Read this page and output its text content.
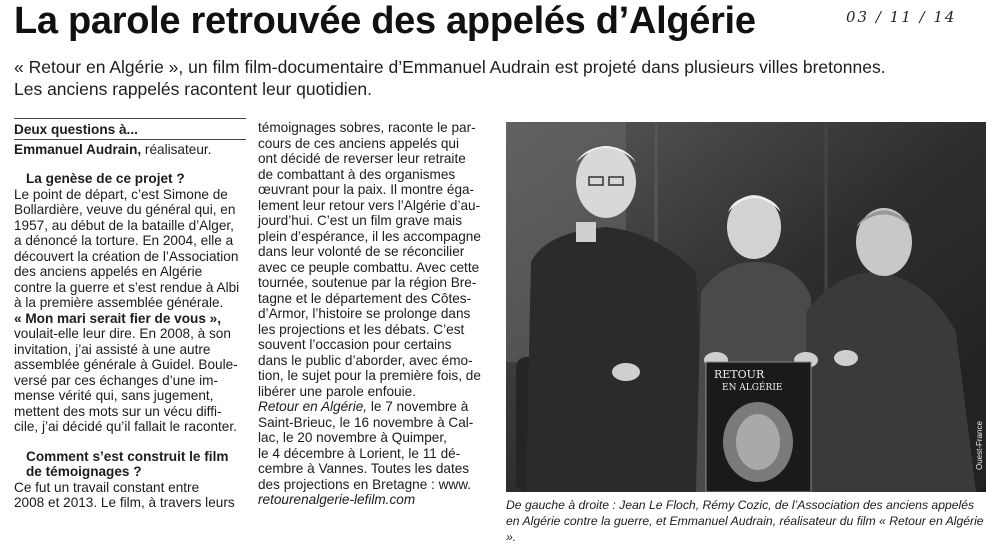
La parole retrouvée des appelés d’Algérie	03 / 11 / 14
« Retour en Algérie », un film film-documentaire d’Emmanuel Audrain est projeté dans plusieurs villes bretonnes. Les anciens rappelés racontent leur quotidien.
Deux questions à...
Emmanuel Audrain, réalisateur.
La genèse de ce projet ?
Le point de départ, c’est Simone de
Bollardière, veuve du général qui, en
1957, au début de la bataille d’Alger,
a dénoncé la torture. En 2004, elle a
découvert la création de l’Association
des anciens appelés en Algérie
contre la guerre et s’est rendue à Albi
à la première assemblée générale.
« Mon mari serait fier de vous »,
voulait-elle leur dire. En 2008, à son
invitation, j’ai assisté à une autre
assemblée générale à Guidel. Boule-
versé par ces échanges d’une im-
mense vérité qui, sans jugement,
mettent des mots sur un vécu diffi-
cile, j’ai décidé qu’il fallait le raconter.
Comment s’est construit le film
de témoignages ?
Ce fut un travail constant entre
2008 et 2013. Le film, à travers leurs
témoignages sobres, raconte le par-
cours de ces anciens appelés qui
ont décidé de reverser leur retraite
de combattant à des organismes
œuvrant pour la paix. Il montre éga-
lement leur retour vers l’Algérie d’au-
jourd’hui. C’est un film grave mais
plein d’espérance, il les accompagne
dans leur volonté de se réconcilier
avec ce peuple combattu. Avec cette
tournée, soutenue par la région Bre-
tagne et le département des Côtes-
d’Armor, l’histoire se prolonge dans
les projections et les débats. C’est
souvent l’occasion pour certains
dans le public d’aborder, avec émo-
tion, le sujet pour la première fois, de
libérer une parole enfouie.
Retour en Algérie, le 7 novembre à
Saint-Brieuc, le 16 novembre à Cal-
lac, le 20 novembre à Quimper,
le 4 décembre à Lorient, le 11 dé-
cembre à Vannes. Toutes les dates
des projections en Bretagne : www.
retourenalgerie-lefilm.com
RETOUR
EN ALGÉRIE
Ouest-France
De gauche à droite : Jean Le Floch, Rémy Cozic, de l’Association des anciens appelés en Algérie contre la guerre, et Emmanuel Audrain, réalisateur du film « Retour en Algérie ».
